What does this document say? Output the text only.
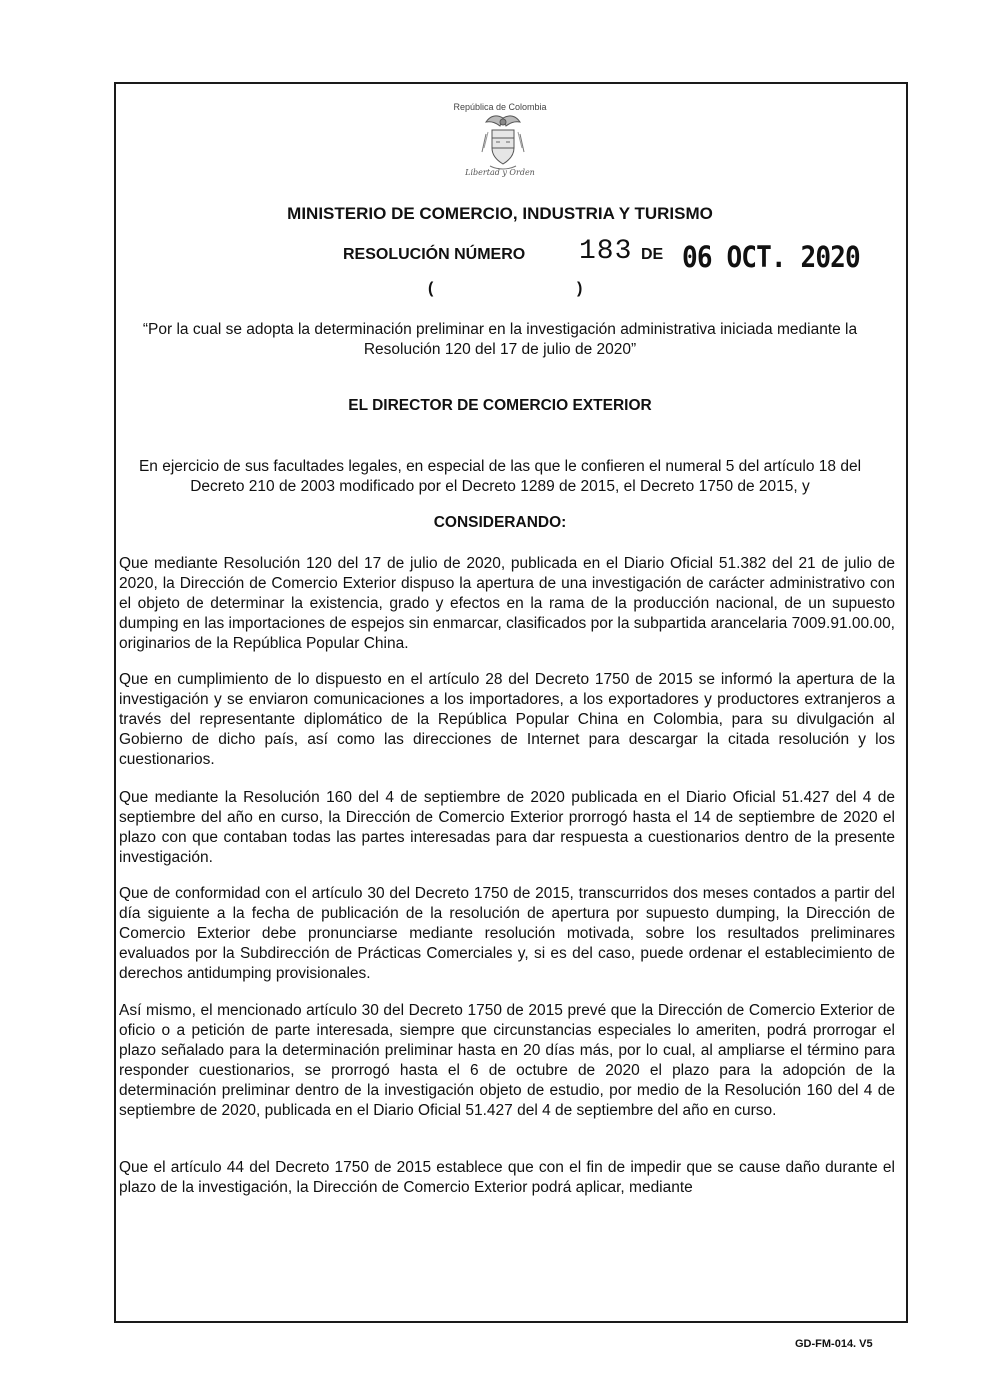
República de Colombia
Libertad y Orden
MINISTERIO DE COMERCIO, INDUSTRIA Y TURISMO
RESOLUCIÓN NÚMERO 183 DE 06 OCT. 2020
(	)
“Por la cual se adopta la determinación preliminar en la investigación administrativa iniciada mediante la Resolución 120 del 17 de julio de 2020”
EL DIRECTOR DE COMERCIO EXTERIOR
En ejercicio de sus facultades legales, en especial de las que le confieren el numeral 5 del artículo 18 del Decreto 210 de 2003 modificado por el Decreto 1289 de 2015, el Decreto 1750 de 2015, y
CONSIDERANDO:
Que mediante Resolución 120 del 17 de julio de 2020, publicada en el Diario Oficial 51.382 del 21 de julio de 2020, la Dirección de Comercio Exterior dispuso la apertura de una investigación de carácter administrativo con el objeto de determinar la existencia, grado y efectos en la rama de la producción nacional, de un supuesto dumping en las importaciones de espejos sin enmarcar, clasificados por la subpartida arancelaria 7009.91.00.00, originarios de la República Popular China.
Que en cumplimiento de lo dispuesto en el artículo 28 del Decreto 1750 de 2015 se informó la apertura de la investigación y se enviaron comunicaciones a los importadores, a los exportadores y productores extranjeros a través del representante diplomático de la República Popular China en Colombia, para su divulgación al Gobierno de dicho país, así como las direcciones de Internet para descargar la citada resolución y los cuestionarios.
Que mediante la Resolución 160 del 4 de septiembre de 2020 publicada en el Diario Oficial 51.427 del 4 de septiembre del año en curso, la Dirección de Comercio Exterior prorrogó hasta el 14 de septiembre de 2020 el plazo con que contaban todas las partes interesadas para dar respuesta a cuestionarios dentro de la presente investigación.
Que de conformidad con el artículo 30 del Decreto 1750 de 2015, transcurridos dos meses contados a partir del día siguiente a la fecha de publicación de la resolución de apertura por supuesto dumping, la Dirección de Comercio Exterior debe pronunciarse mediante resolución motivada, sobre los resultados preliminares evaluados por la Subdirección de Prácticas Comerciales y, si es del caso, puede ordenar el establecimiento de derechos antidumping provisionales.
Así mismo, el mencionado artículo 30 del Decreto 1750 de 2015 prevé que la Dirección de Comercio Exterior de oficio o a petición de parte interesada, siempre que circunstancias especiales lo ameriten, podrá prorrogar el plazo señalado para la determinación preliminar hasta en 20 días más, por lo cual, al ampliarse el término para responder cuestionarios, se prorrogó hasta el 6 de octubre de 2020 el plazo para la adopción de la determinación preliminar dentro de la investigación objeto de estudio, por medio de la Resolución 160 del 4 de septiembre de 2020, publicada en el Diario Oficial 51.427 del 4 de septiembre del año en curso.
Que el artículo 44 del Decreto 1750 de 2015 establece que con el fin de impedir que se cause daño durante el plazo de la investigación, la Dirección de Comercio Exterior podrá aplicar, mediante
GD-FM-014. V5
